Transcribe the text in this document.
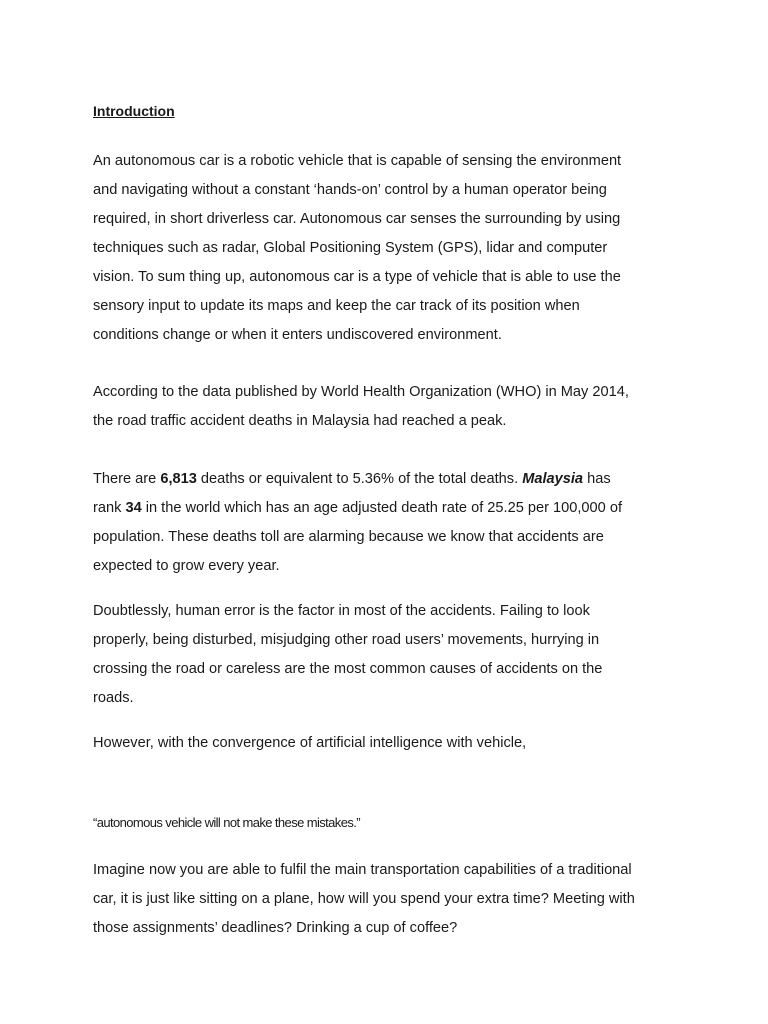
Introduction

An autonomous car is a robotic vehicle that is capable of sensing the environment
and navigating without a constant ‘hands-on’ control by a human operator being
required, in short driverless car. Autonomous car senses the surrounding by using
techniques such as radar, Global Positioning System (GPS), lidar and computer
vision. To sum thing up, autonomous car is a type of vehicle that is able to use the
sensory input to update its maps and keep the car track of its position when
conditions change or when it enters undiscovered environment.

According to the data published by World Health Organization (WHO) in May 2014,
the road traffic accident deaths in Malaysia had reached a peak.

There are 6,813 deaths or equivalent to 5.36% of the total deaths. Malaysia has
rank 34 in the world which has an age adjusted death rate of 25.25 per 100,000 of
population. These deaths toll are alarming because we know that accidents are
expected to grow every year.

Doubtlessly, human error is the factor in most of the accidents. Failing to look
properly, being disturbed, misjudging other road users’ movements, hurrying in
crossing the road or careless are the most common causes of accidents on the
roads.

However, with the convergence of artificial intelligence with vehicle,

“autonomous vehicle will not make these mistakes.”

Imagine now you are able to fulfil the main transportation capabilities of a traditional
car, it is just like sitting on a plane, how will you spend your extra time? Meeting with
those assignments’ deadlines? Drinking a cup of coffee?
